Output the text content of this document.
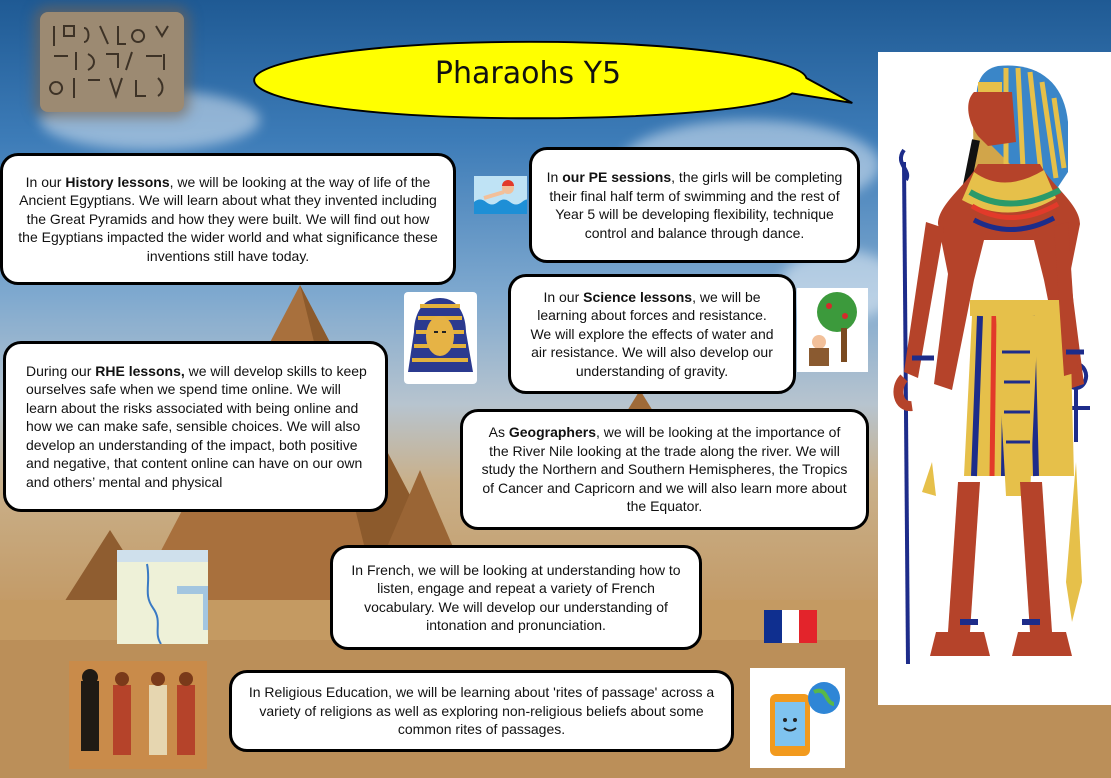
Pharaohs Y5
In our History lessons, we will be looking at the way of life of the Ancient Egyptians. We will learn about what they invented including the Great Pyramids and how they were built. We will find out how the Egyptians impacted the wider world and what significance these inventions still have today.
In our PE sessions, the girls will be completing their final half term of swimming and the rest of Year 5 will be developing flexibility, technique control and balance through dance.
In our Science lessons, we will be learning about forces and resistance. We will explore the effects of water and air resistance. We will also develop our understanding of gravity.
During our RHE lessons, we will develop skills to keep ourselves safe when we spend time online. We will learn about the risks associated with being online and how we can make safe, sensible choices. We will also develop an understanding of the impact, both positive and negative, that content online can have on our own and others’ mental and physical
As Geographers, we will be looking at the importance of the River Nile looking at the trade along the river. We will study the Northern and Southern Hemispheres, the Tropics of Cancer and Capricorn and we will also learn more about the Equator.
In French, we will be looking at understanding how to listen, engage and repeat a variety of French vocabulary. We will develop our understanding of intonation and pronunciation.
In Religious Education, we will be learning about 'rites of passage' across a variety of religions as well as exploring non-religious beliefs about some common rites of passages.
